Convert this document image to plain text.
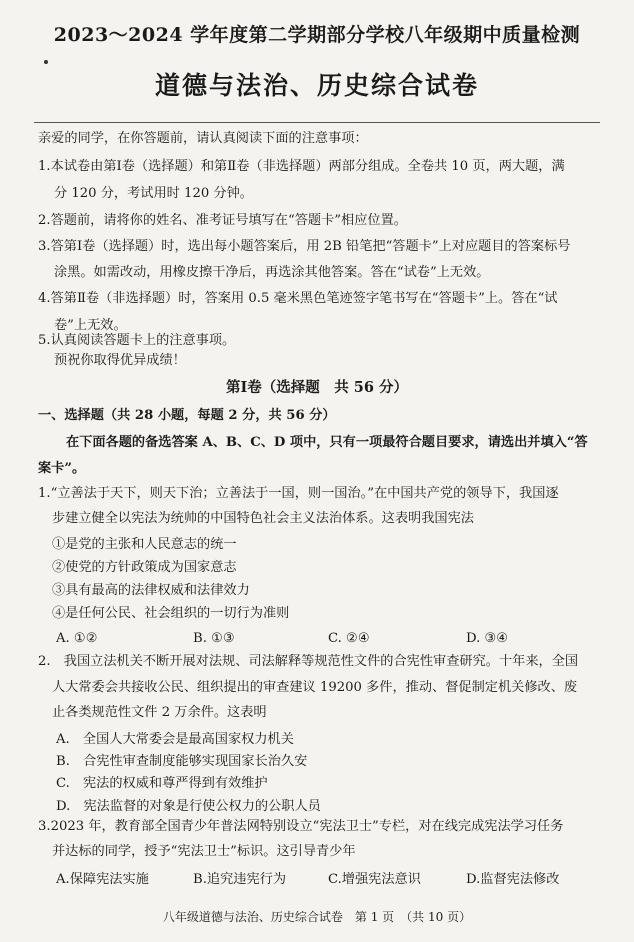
2023～2024 学年度第二学期部分学校八年级期中质量检测
道德与法治、历史综合试卷
亲爱的同学，在你答题前，请认真阅读下面的注意事项：
1.本试卷由第Ⅰ卷（选择题）和第Ⅱ卷（非选择题）两部分组成。全卷共 10 页，两大题，满
分 120 分，考试用时 120 分钟。
2.答题前，请将你的姓名、准考证号填写在“答题卡”相应位置。
3.答第Ⅰ卷（选择题）时，选出每小题答案后，用 2B 铅笔把“答题卡”上对应题目的答案标号
涂黑。如需改动，用橡皮擦干净后，再选涂其他答案。答在“试卷”上无效。
4.答第Ⅱ卷（非选择题）时，答案用 0.5 毫米黑色笔迹签字笔书写在“答题卡”上。答在“试
卷”上无效。
5.认真阅读答题卡上的注意事项。
预祝你取得优异成绩！
第Ⅰ卷（选择题　共 56 分）
一、选择题（共 28 小题，每题 2 分，共 56 分）
在下面各题的备选答案 A、B、C、D 项中，只有一项最符合题目要求，请选出并填入“答
案卡”。
1.“立善法于天下，则天下治；立善法于一国，则一国治。”在中国共产党的领导下，我国逐
步建立健全以宪法为统帅的中国特色社会主义法治体系。这表明我国宪法
①是党的主张和人民意志的统一
②使党的方针政策成为国家意志
③具有最高的法律权威和法律效力
④是任何公民、社会组织的一切行为准则
A. ①②	B. ①③	C. ②④	D. ③④
2.　我国立法机关不断开展对法规、司法解释等规范性文件的合宪性审查研究。十年来，全国
人大常委会共接收公民、组织提出的审查建议 19200 多件，推动、督促制定机关修改、废
止各类规范性文件 2 万余件。这表明
A.　全国人大常委会是最高国家权力机关
B.　合宪性审查制度能够实现国家长治久安
C.　宪法的权威和尊严得到有效维护
D.　宪法监督的对象是行使公权力的公职人员
3.2023 年，教育部全国青少年普法网特别设立“宪法卫士”专栏，对在线完成宪法学习任务
并达标的同学，授予“宪法卫士”标识。这引导青少年
八年级道德与法治、历史综合试卷　第 1 页　（共 10 页）
A.保障宪法实施	B.追究违宪行为	C.增强宪法意识	D.监督宪法修改
